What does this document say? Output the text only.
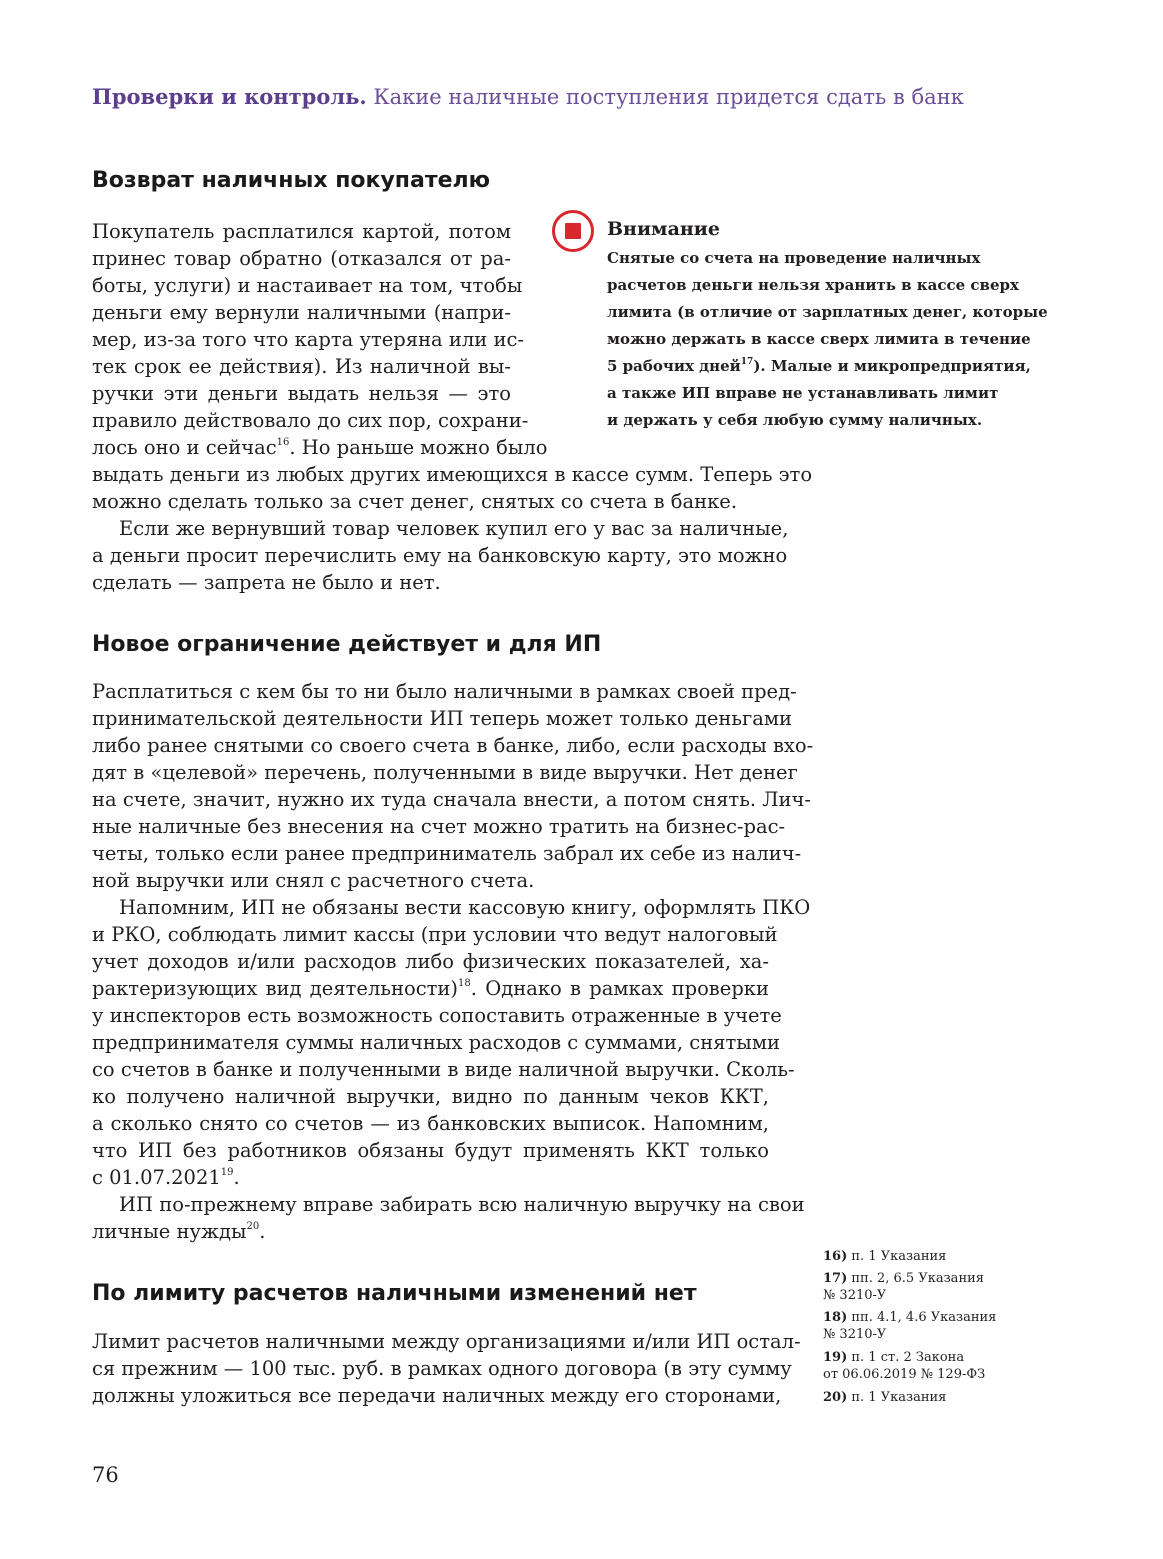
Проверки и контроль. Какие наличные поступления придется сдать в банк
Возврат наличных покупателю

Покупатель расплатился картой, потом

принес товар обратно (отказался от ра-

боты, услуги) и настаивает на том, чтобы

деньги ему вернули наличными (напри-

мер, из-за того что карта утеряна или ис-

тек срок ее действия). Из наличной вы-

ручки эти деньги выдать нельзя — это

правило действовало до сих пор, сохрани-

лось оно и сейчас$^{16}$. Но раньше можно было

выдать деньги из любых других имеющихся в кассе сумм. Теперь это

можно сделать только за счет денег, снятых со счета в банке.

Если же вернувший товар человек купил его у вас за наличные,

а деньги просит перечислить ему на банковскую карту, это можно

сделать — запрета не было и нет.

Внимание

Снятые со счета на проведение наличных

расчетов деньги нельзя хранить в кассе сверх

лимита (в отличие от зарплатных денег, которые

можно держать в кассе сверх лимита в течение

5 рабочих дней$^{17}$). Малые и микропредприятия,

а также ИП вправе не устанавливать лимит

и держать у себя любую сумму наличных.

Новое ограничение действует и для ИП

Расплатиться с кем бы то ни было наличными в рамках своей пред-

принимательской деятельности ИП теперь может только деньгами

либо ранее снятыми со своего счета в банке, либо, если расходы вхо-

дят в «целевой» перечень, полученными в виде выручки. Нет денег

на счете, значит, нужно их туда сначала внести, а потом снять. Лич-

ные наличные без внесения на счет можно тратить на бизнес-рас-

четы, только если ранее предприниматель забрал их себе из налич-

ной выручки или снял с расчетного счета.

Напомним, ИП не обязаны вести кассовую книгу, оформлять ПКО

и РКО, соблюдать лимит кассы (при условии что ведут налоговый

учет доходов и/или расходов либо физических показателей, ха-

рактеризующих вид деятельности)$^{18}$. Однако в рамках проверки

у инспекторов есть возможность сопоставить отраженные в учете

предпринимателя суммы наличных расходов с суммами, снятыми

со счетов в банке и полученными в виде наличной выручки. Сколь-

ко получено наличной выручки, видно по данным чеков ККТ,

а сколько снято со счетов — из банковских выписок. Напомним,

что ИП без работников обязаны будут применять ККТ только

с 01.07.2021$^{19}$.

ИП по-прежнему вправе забирать всю наличную выручку на свои

личные нужды$^{20}$.

По лимиту расчетов наличными изменений нет

Лимит расчетов наличными между организациями и/или ИП остал-

ся прежним — 100 тыс. руб. в рамках одного договора (в эту сумму

должны уложиться все передачи наличных между его сторонами,

16) п. 1 Указания

17) пп. 2, 6.5 Указания
№ 3210-У

18) пп. 4.1, 4.6 Указания
№ 3210-У

19) п. 1 ст. 2 Закона
от 06.06.2019 № 129-ФЗ

20) п. 1 Указания

76
